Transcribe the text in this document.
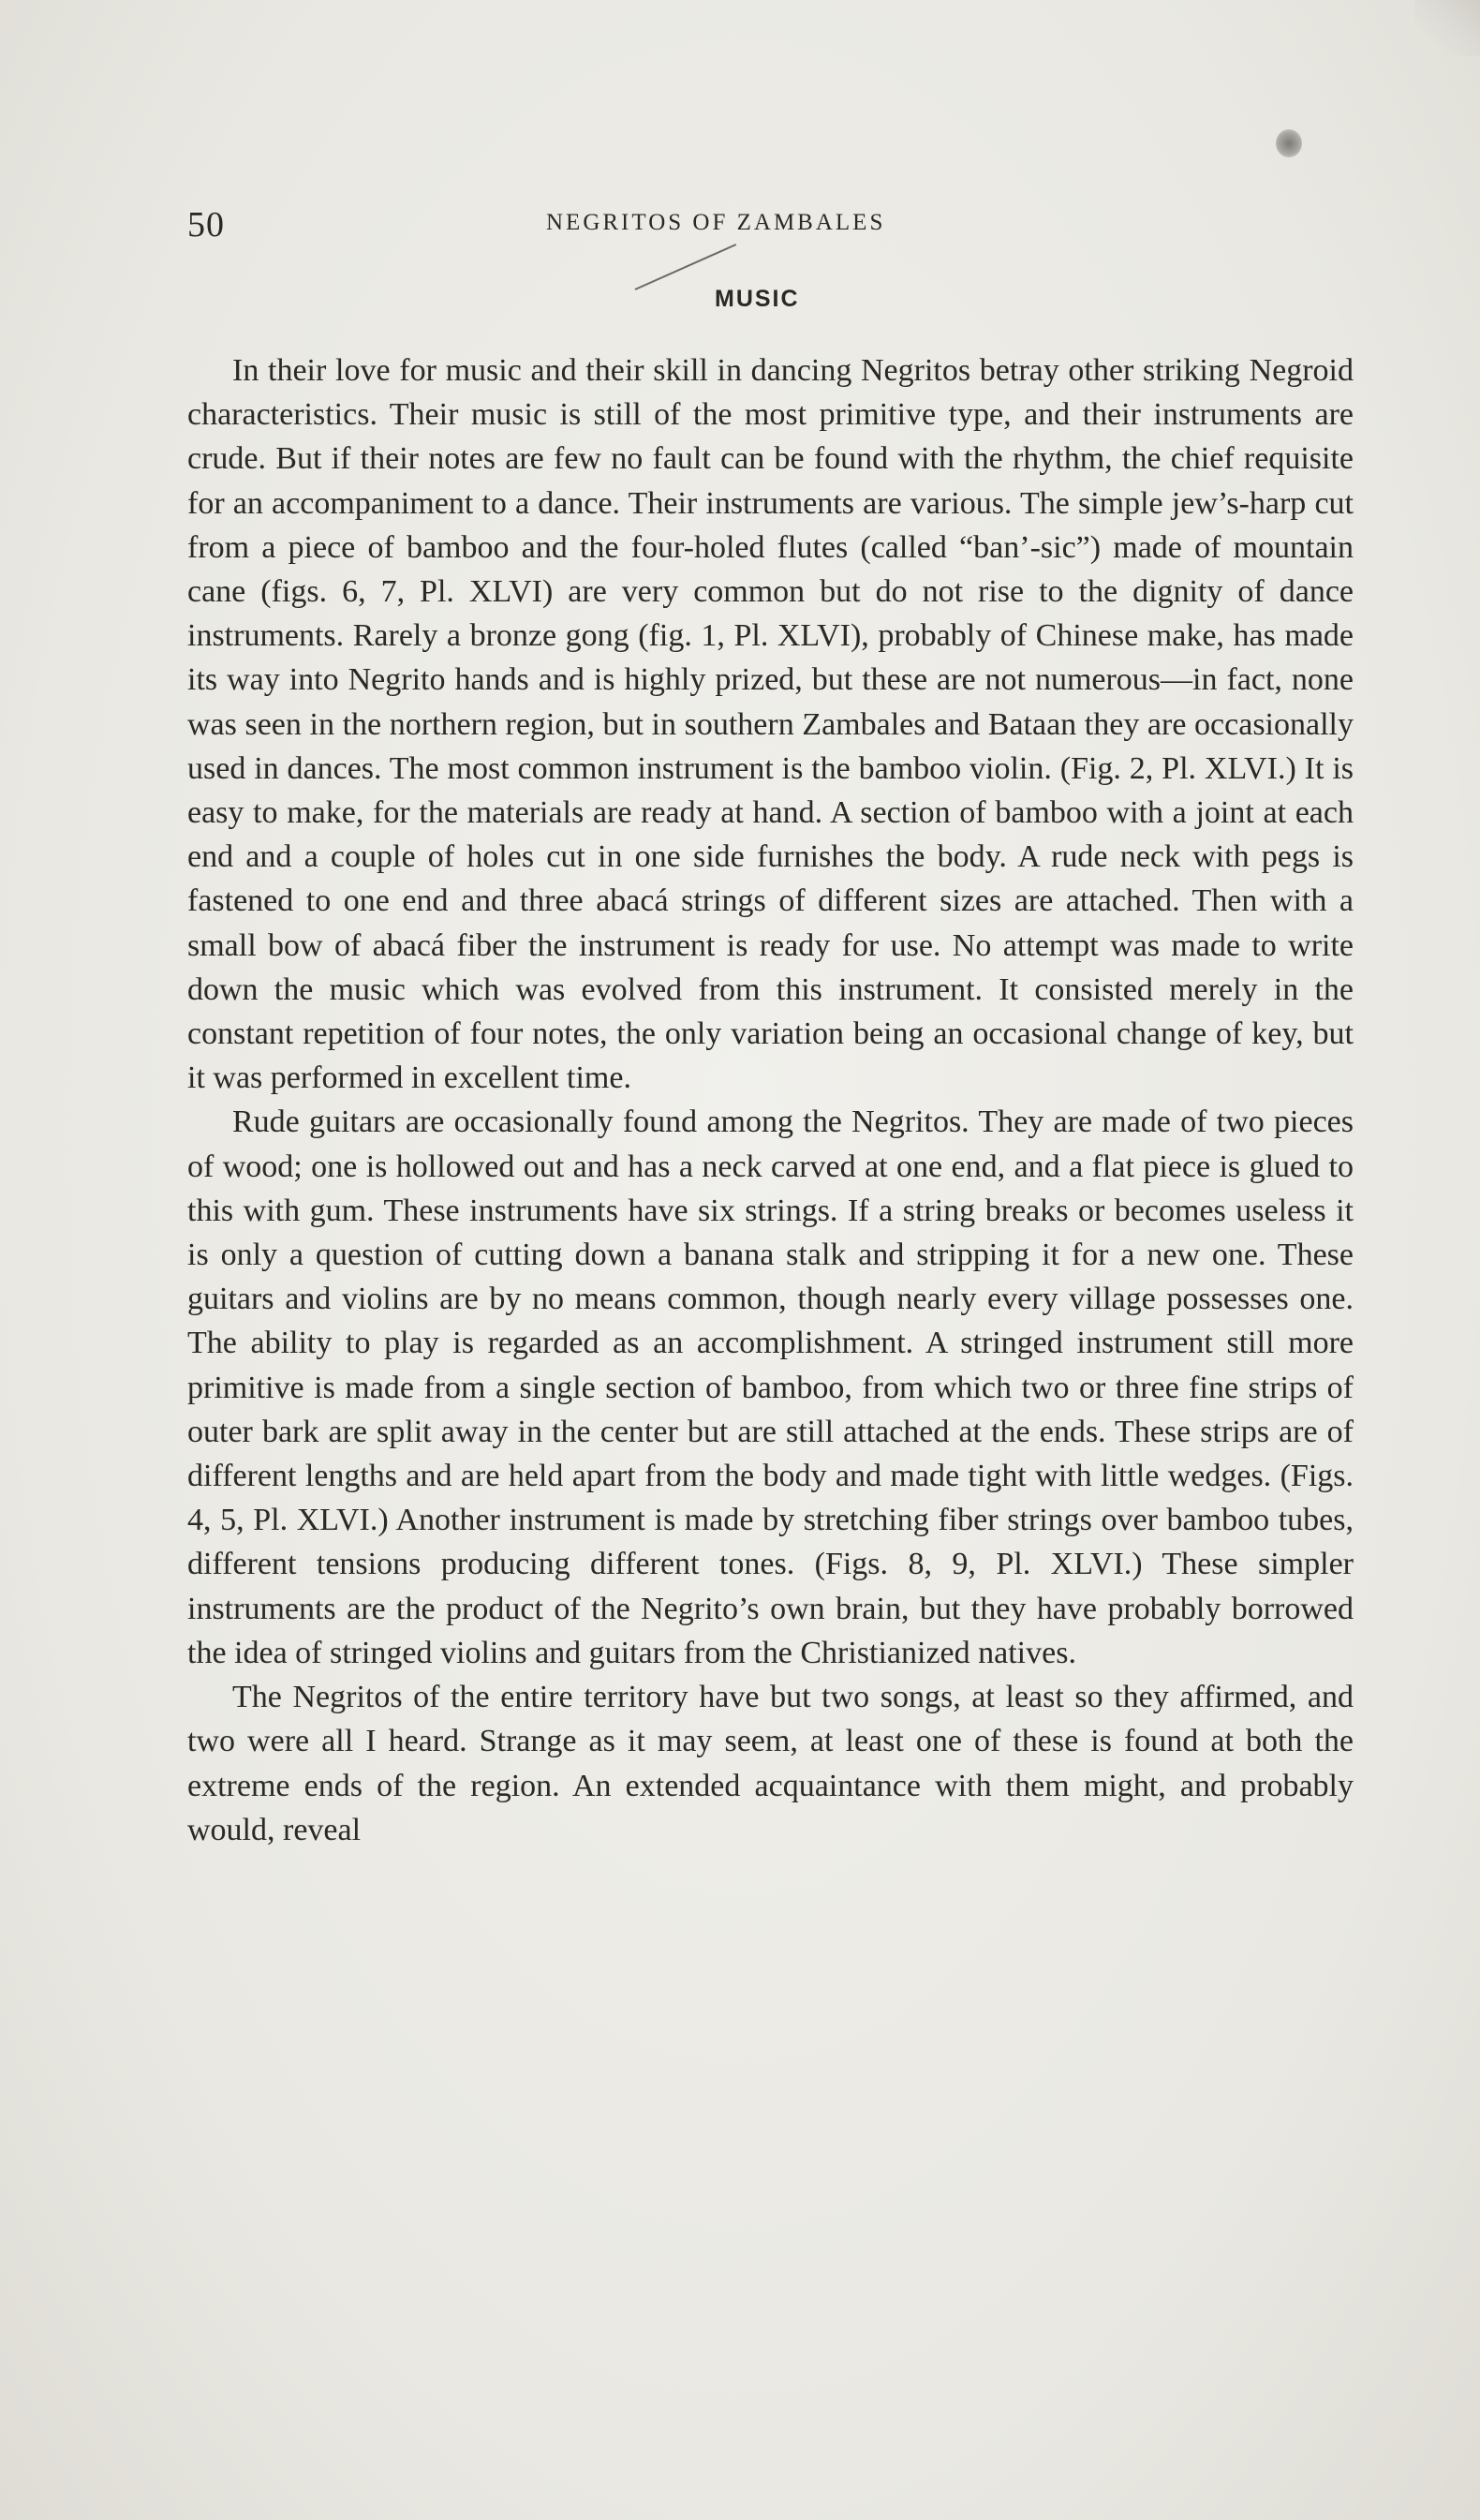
50	NEGRITOS OF ZAMBALES
MUSIC

In their love for music and their skill in dancing Negritos betray other striking Negroid characteristics. Their music is still of the most primitive type, and their instruments are crude. But if their notes are few no fault can be found with the rhythm, the chief requisite for an accompaniment to a dance. Their instruments are various. The simple jew’s-harp cut from a piece of bamboo and the four-holed flutes (called “ban’-sic”) made of mountain cane (figs. 6, 7, Pl. XLVI) are very common but do not rise to the dignity of dance instruments. Rarely a bronze gong (fig. 1, Pl. XLVI), probably of Chinese make, has made its way into Negrito hands and is highly prized, but these are not numerous—in fact, none was seen in the northern region, but in southern Zambales and Bataan they are occasionally used in dances. The most common instrument is the bamboo violin. (Fig. 2, Pl. XLVI.) It is easy to make, for the materials are ready at hand. A section of bamboo with a joint at each end and a couple of holes cut in one side furnishes the body. A rude neck with pegs is fastened to one end and three abacá strings of different sizes are attached. Then with a small bow of abacá fiber the instrument is ready for use. No attempt was made to write down the music which was evolved from this instrument. It consisted merely in the constant repetition of four notes, the only variation being an occasional change of key, but it was performed in excellent time.

Rude guitars are occasionally found among the Negritos. They are made of two pieces of wood; one is hollowed out and has a neck carved at one end, and a flat piece is glued to this with gum. These instruments have six strings. If a string breaks or becomes useless it is only a question of cutting down a banana stalk and stripping it for a new one. These guitars and violins are by no means common, though nearly every village possesses one. The ability to play is regarded as an accomplishment. A stringed instrument still more primitive is made from a single section of bamboo, from which two or three fine strips of outer bark are split away in the center but are still attached at the ends. These strips are of different lengths and are held apart from the body and made tight with little wedges. (Figs. 4, 5, Pl. XLVI.) Another instrument is made by stretching fiber strings over bamboo tubes, different tensions producing different tones. (Figs. 8, 9, Pl. XLVI.) These simpler instruments are the product of the Negrito’s own brain, but they have probably borrowed the idea of stringed violins and guitars from the Christianized natives.

The Negritos of the entire territory have but two songs, at least so they affirmed, and two were all I heard. Strange as it may seem, at least one of these is found at both the extreme ends of the region. An extended acquaintance with them might, and probably would, reveal
